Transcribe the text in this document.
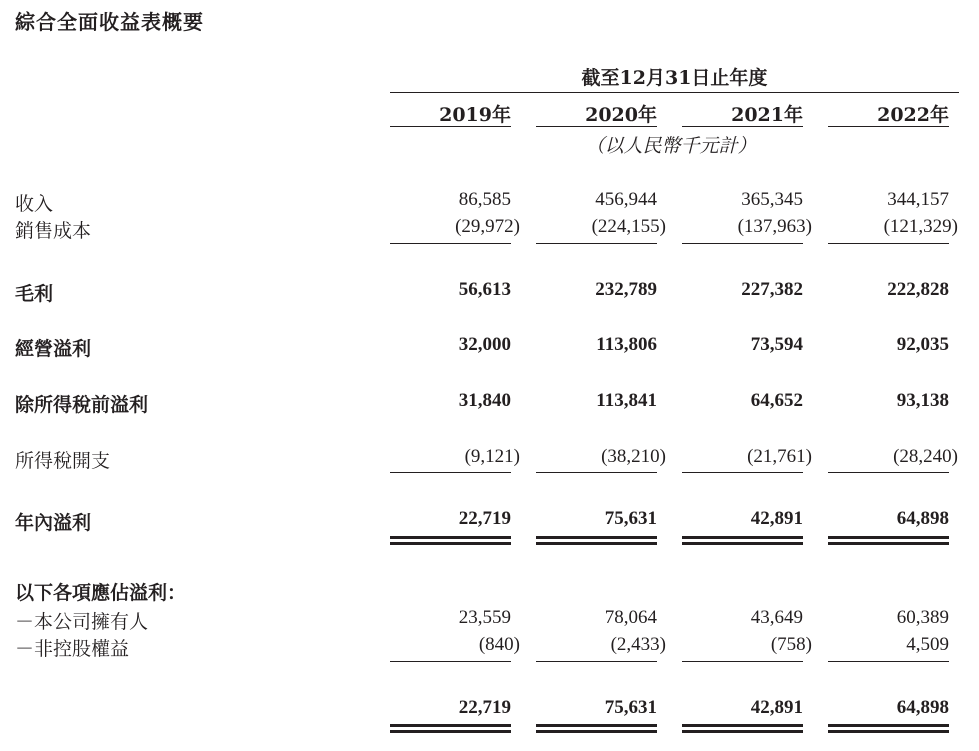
綜合全面收益表概要
截至12月31日止年度
2019年	2020年	2021年	2022年
（以人民幣千元計）
收入	86,585	456,944	365,345	344,157
銷售成本	(29,972)	(224,155)	(137,963)	(121,329)
毛利	56,613	232,789	227,382	222,828
經營溢利	32,000	113,806	73,594	92,035
除所得稅前溢利	31,840	113,841	64,652	93,138
所得稅開支	(9,121)	(38,210)	(21,761)	(28,240)
年內溢利	22,719	75,631	42,891	64,898
以下各項應佔溢利：
－本公司擁有人	23,559	78,064	43,649	60,389
－非控股權益	(840)	(2,433)	(758)	4,509
22,719	75,631	42,891	64,898
